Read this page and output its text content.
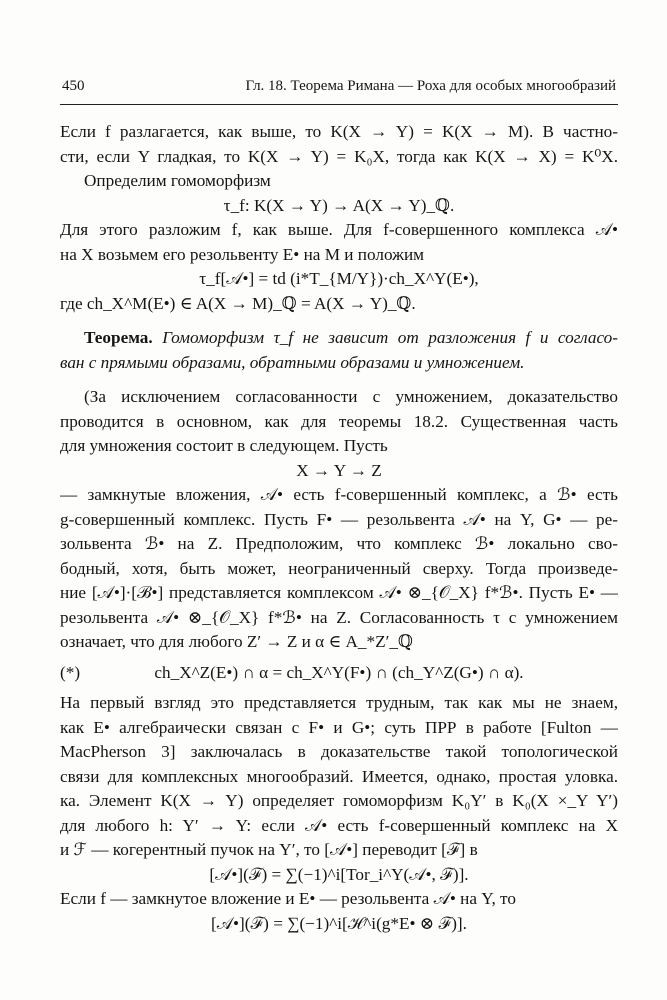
450	Гл. 18. Теорема Римана — Роха для особых многообразий

Если f разлагается, как выше, то K(X → Y) = K(X → M). В частно-

сти, если Y гладкая, то K(X → Y) = K₀X, тогда как K(X → X) = K⁰X.

Определим гомоморфизм

τ_f: K(X → Y) → A(X → Y)_ℚ.

Для этого разложим f, как выше. Для f-совершенного комплекса 𝒜•

на X возьмем его резольвенту E• на M и положим

τ_f[𝒜•] = td (i*T_{M/Y})·ch_X^Y(E•),

где ch_X^M(E•) ∈ A(X → M)_ℚ = A(X → Y)_ℚ.

Теорема. Гомоморфизм τ_f не зависит от разложения f и согласо-

ван с прямыми образами, обратными образами и умножением.

(За исключением согласованности с умножением, доказательство

проводится в основном, как для теоремы 18.2. Существенная часть

для умножения состоит в следующем. Пусть

X → Y → Z

— замкнутые вложения, 𝒜• есть f-совершенный комплекс, а ℬ• есть

g-совершенный комплекс. Пусть F• — резольвента 𝒜• на Y, G• — ре-

зольвента ℬ• на Z. Предположим, что комплекс ℬ• локально сво-

бодный, хотя, быть может, неограниченный сверху. Тогда произведе-

ние [𝒜•]·[ℬ•] представляется комплексом 𝒜• ⊗_{𝒪_X} f*ℬ•. Пусть E• —

резольвента 𝒜• ⊗_{𝒪_X} f*ℬ• на Z. Согласованность τ с умножением

означает, что для любого Z′ → Z и α ∈ A_*Z′_ℚ

(*)	ch_X^Z(E•) ∩ α = ch_X^Y(F•) ∩ (ch_Y^Z(G•) ∩ α).

На первый взгляд это представляется трудным, так как мы не знаем,

как E• алгебраически связан с F• и G•; суть ПРР в работе [Fulton —

MacPherson 3] заключалась в доказательстве такой топологической

связи для комплексных многообразий. Имеется, однако, простая уловка.

ка. Элемент K(X → Y) определяет гомоморфизм K₀Y′ в K₀(X ×_Y Y′)

для любого h: Y′ → Y: если 𝒜• есть f-совершенный комплекс на X

и ℱ — когерентный пучок на Y′, то [𝒜•] переводит [ℱ] в

[𝒜•](ℱ) = ∑(−1)^i[Tor_i^Y(𝒜•, ℱ)].

Если f — замкнутое вложение и E• — резольвента 𝒜• на Y, то

[𝒜•](ℱ) = ∑(−1)^i[ℋ^i(g*E• ⊗ ℱ)].
